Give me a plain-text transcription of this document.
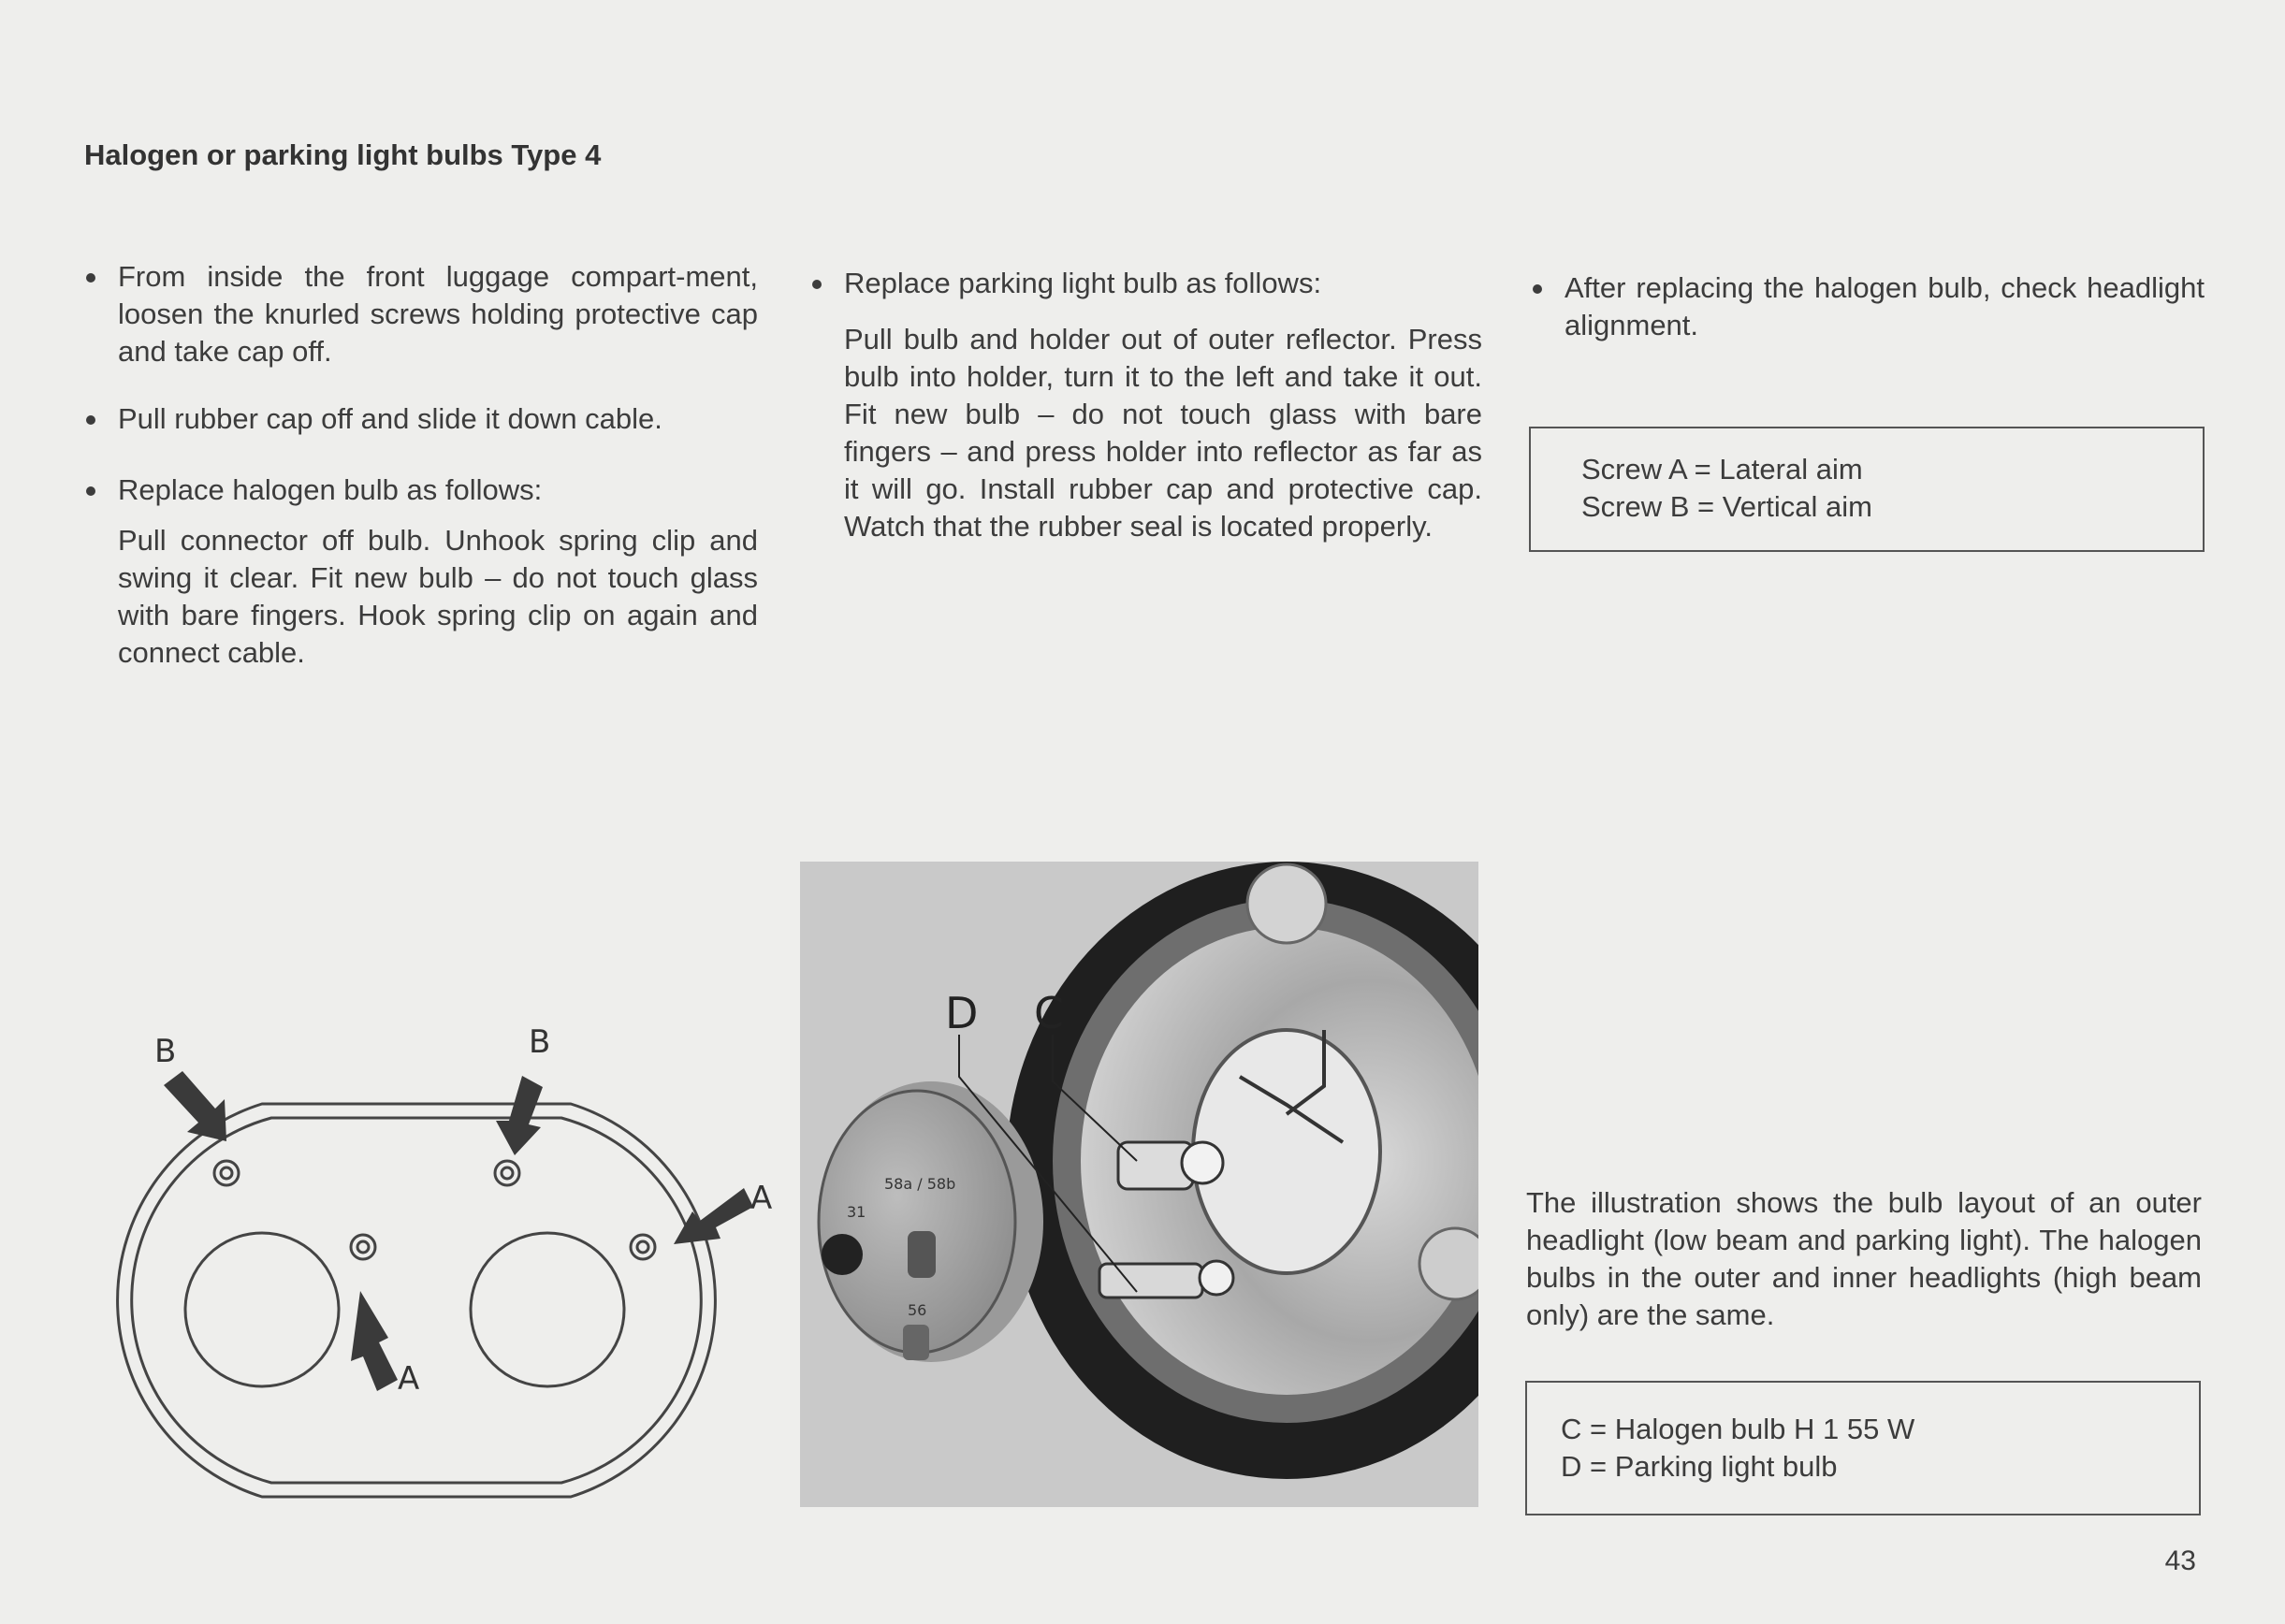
Halogen or parking light bulbs Type 4
From inside the front luggage compart-ment, loosen the knurled screws holding protective cap and take cap off.
Pull rubber cap off and slide it down cable.
Replace halogen bulb as follows:
Pull connector off bulb. Unhook spring clip and swing it clear. Fit new bulb – do not touch glass with bare fingers. Hook spring clip on again and connect cable.
Replace parking light bulb as follows:
Pull bulb and holder out of outer reflector. Press bulb into holder, turn it to the left and take it out. Fit new bulb – do not touch glass with bare fingers – and press holder into reflector as far as it will go. Install rubber cap and protective cap. Watch that the rubber seal is located properly.
After replacing the halogen bulb, check headlight alignment.
Screw A = Lateral aim
Screw B = Vertical aim
The illustration shows the bulb layout of an outer headlight (low beam and parking light). The halogen bulbs in the outer and inner headlights (high beam only) are the same.
C = Halogen bulb H 1 55 W
D = Parking light bulb
B	B
A
A
58a / 58b
31
56
D C
43
